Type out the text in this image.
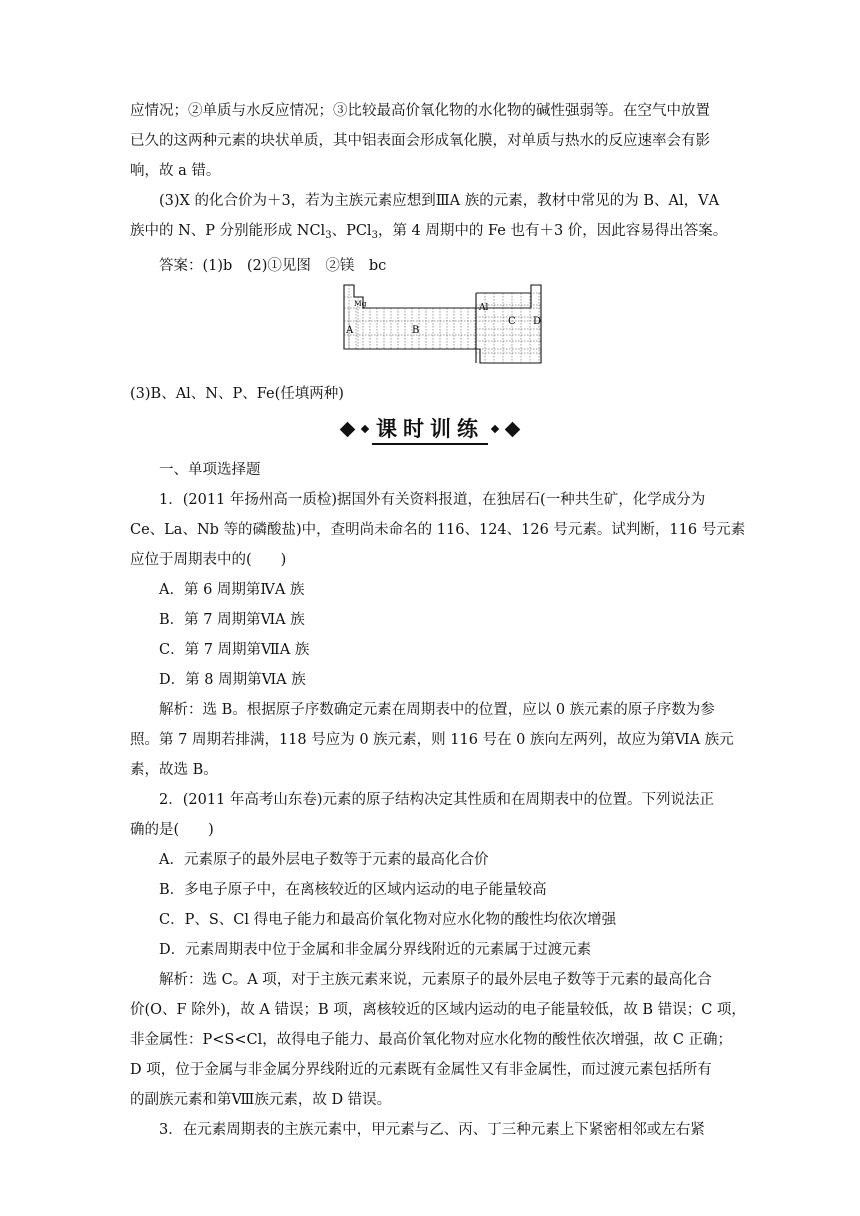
应情况；②单质与水反应情况；③比较最高价氧化物的水化物的碱性强弱等。在空气中放置

已久的这两种元素的块状单质，其中铝表面会形成氧化膜，对单质与热水的反应速率会有影

响，故 a 错。

(3)X 的化合价为＋3，若为主族元素应想到ⅢA 族的元素，教材中常见的为 B、Al，ⅤA

族中的 N、P 分别能形成 NCl$_3$、PCl$_3$，第 4 周期中的 Fe 也有＋3 价，因此容易得出答案。

答案：(1)b　(2)①见图　②镁　bc

A
Mg
B
Al
C D

(3)B、Al、N、P、Fe(任填两种)

课时训练

一、单项选择题

1．(2011 年扬州高一质检)据国外有关资料报道，在独居石(一种共生矿，化学成分为

Ce、La、Nb 等的磷酸盐)中，查明尚未命名的 116、124、126 号元素。试判断，116 号元素

应位于周期表中的(　　)

A．第 6 周期第ⅣA 族

B．第 7 周期第ⅥA 族

C．第 7 周期第ⅦA 族

D．第 8 周期第ⅥA 族

解析：选 B。根据原子序数确定元素在周期表中的位置，应以 0 族元素的原子序数为参

照。第 7 周期若排满，118 号应为 0 族元素，则 116 号在 0 族向左两列，故应为第ⅥA 族元

素，故选 B。

2．(2011 年高考山东卷)元素的原子结构决定其性质和在周期表中的位置。下列说法正

确的是(　　)

A．元素原子的最外层电子数等于元素的最高化合价

B．多电子原子中，在离核较近的区域内运动的电子能量较高

C．P、S、Cl 得电子能力和最高价氧化物对应水化物的酸性均依次增强

D．元素周期表中位于金属和非金属分界线附近的元素属于过渡元素

解析：选 C。A 项，对于主族元素来说，元素原子的最外层电子数等于元素的最高化合

价(O、F 除外)，故 A 错误；B 项，离核较近的区域内运动的电子能量较低，故 B 错误；C 项，

非金属性：P<S<Cl，故得电子能力、最高价氧化物对应水化物的酸性依次增强，故 C 正确；

D 项，位于金属与非金属分界线附近的元素既有金属性又有非金属性，而过渡元素包括所有

的副族元素和第Ⅷ族元素，故 D 错误。

3．在元素周期表的主族元素中，甲元素与乙、丙、丁三种元素上下紧密相邻或左右紧
